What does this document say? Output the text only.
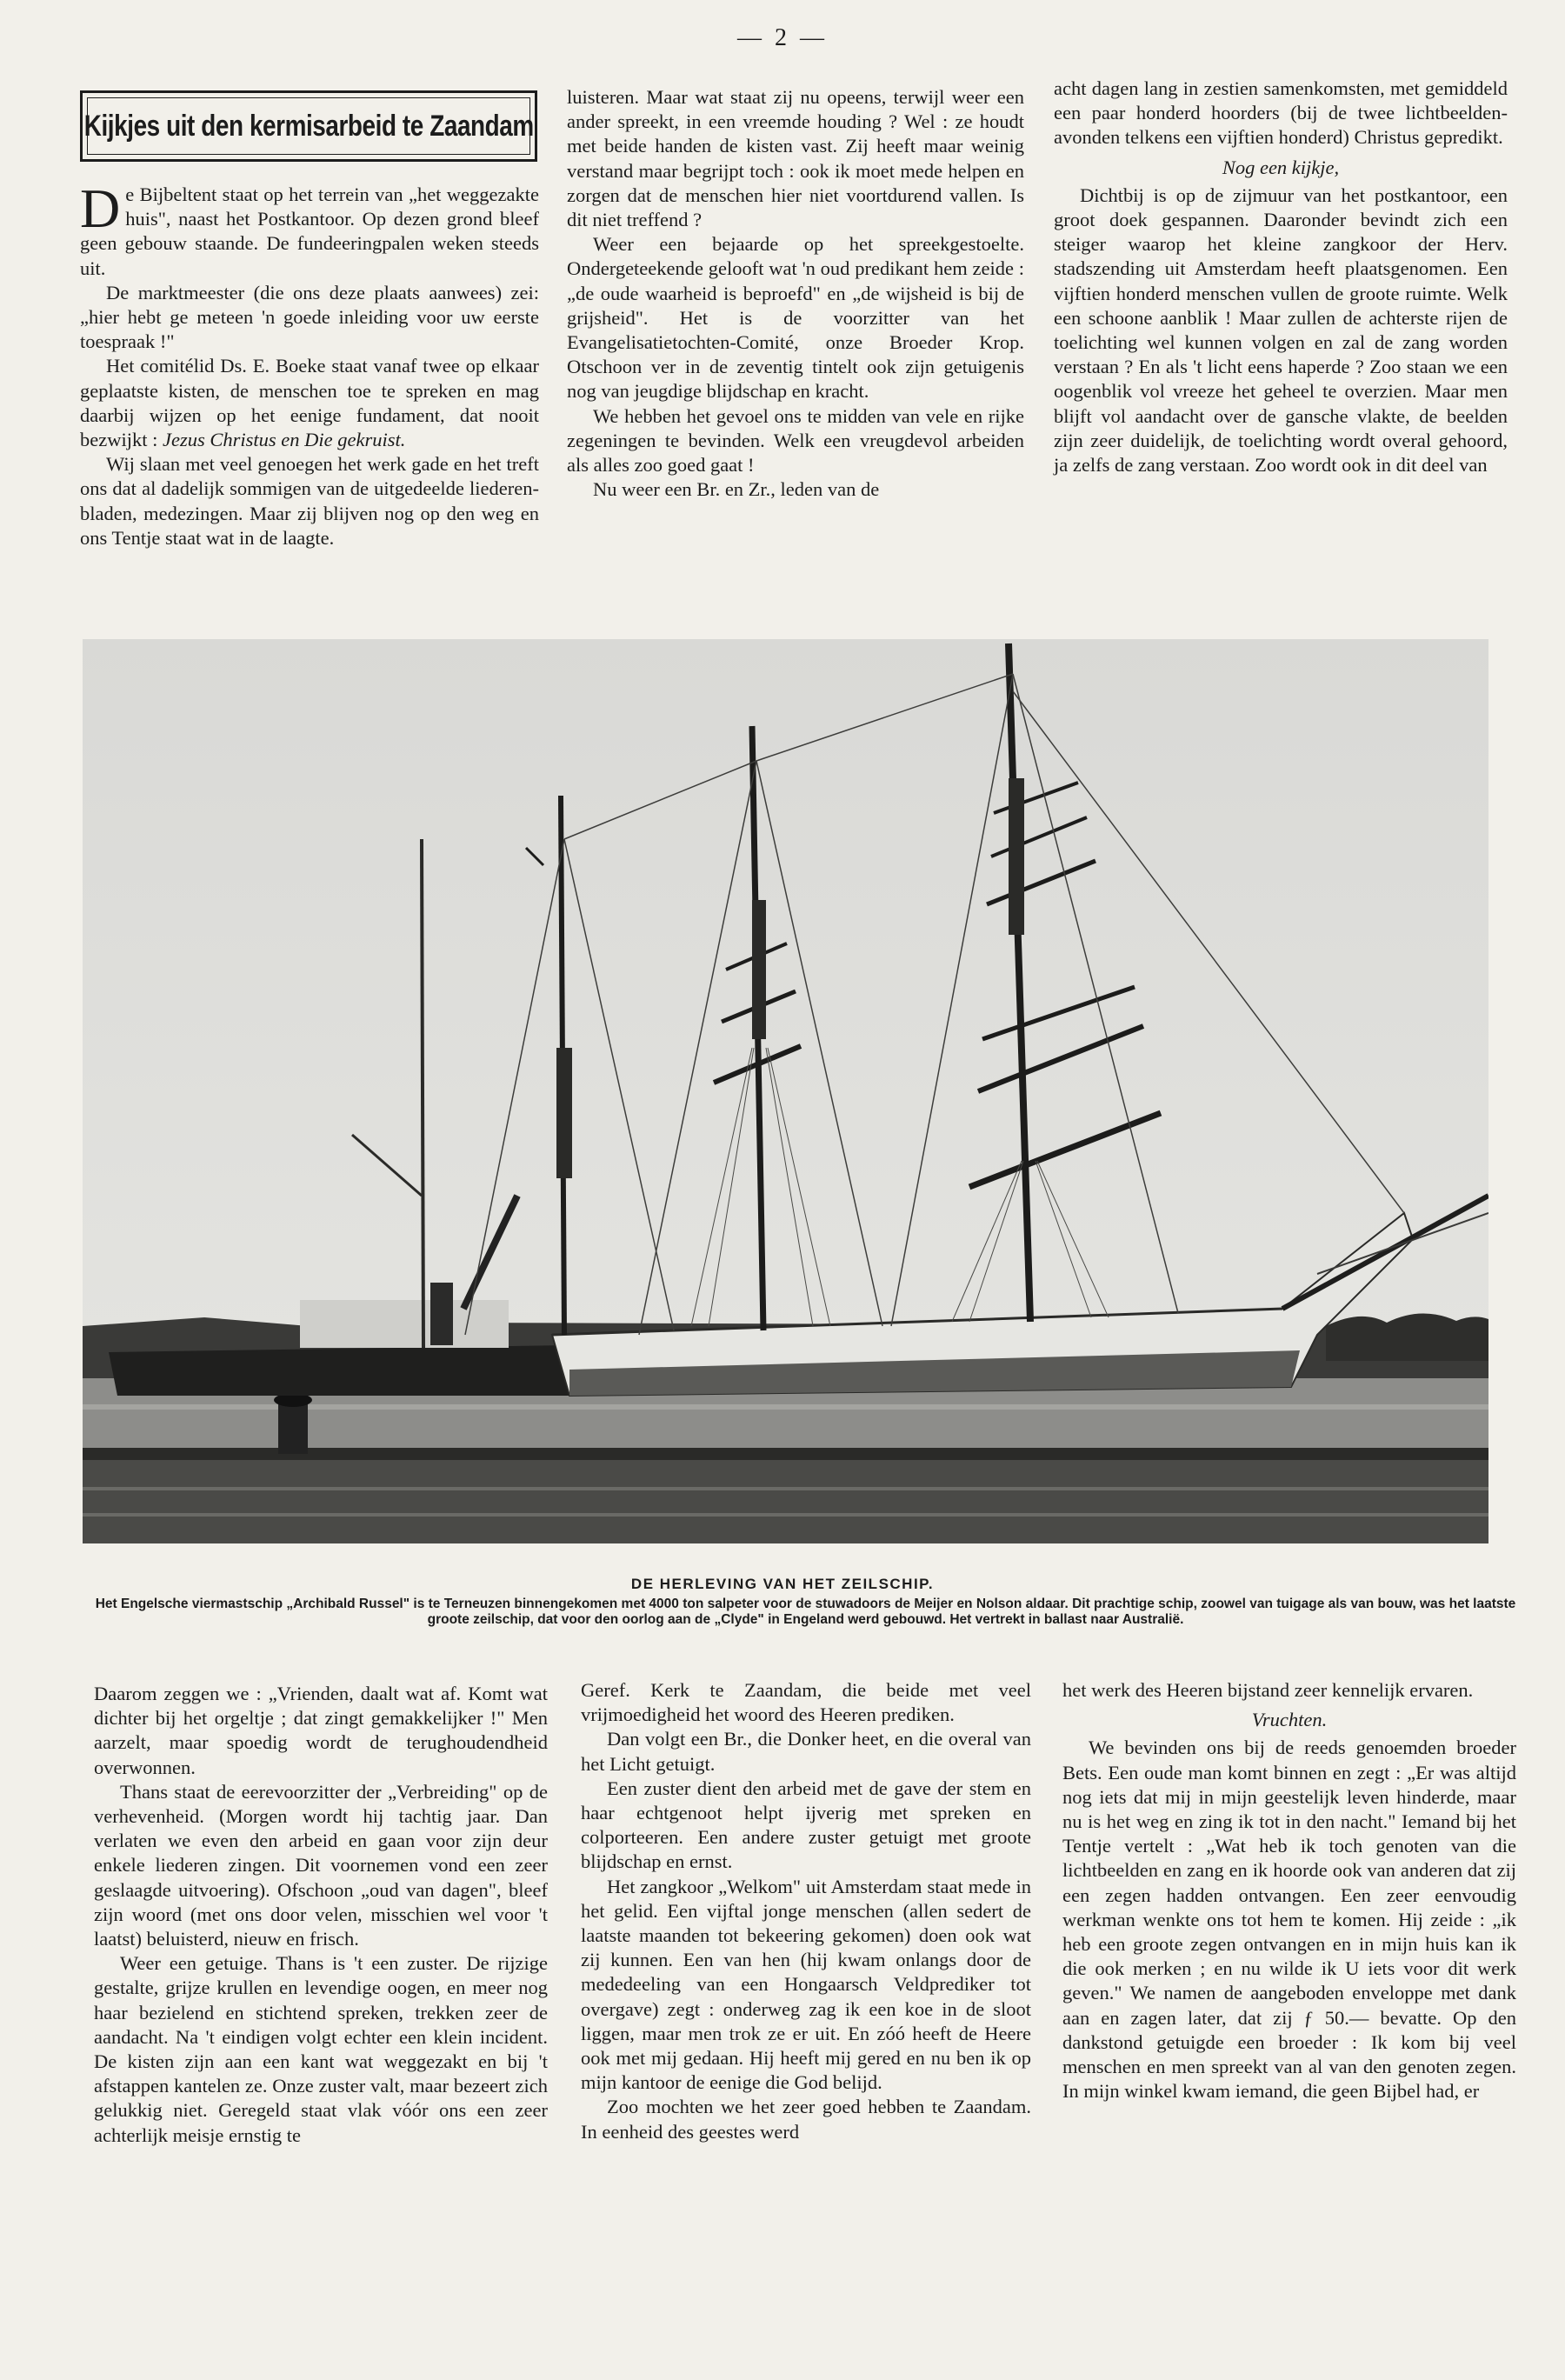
— 2 —
Kijkjes uit den kermisarbeid te Zaandam

De Bijbeltent staat op het terrein van „het weggezakte huis", naast het Postkantoor. Op dezen grond bleef geen gebouw staande. De fundeeringpalen weken steeds uit.

De marktmeester (die ons deze plaats aanwees) zei: „hier hebt ge meteen 'n goede inleiding voor uw eerste toespraak !"

Het comitélid Ds. E. Boeke staat vanaf twee op elkaar geplaatste kisten, de menschen toe te spreken en mag daarbij wijzen op het eenige fundament, dat nooit bezwijkt : Jezus Christus en Die gekruist.

Wij slaan met veel genoegen het werk gade en het treft ons dat al dadelijk sommigen van de uitgedeelde liederen-bladen, medezingen. Maar zij blijven nog op den weg en ons Tentje staat wat in de laagte.

luisteren. Maar wat staat zij nu opeens, terwijl weer een ander spreekt, in een vreemde houding ? Wel : ze houdt met beide handen de kisten vast. Zij heeft maar weinig verstand maar begrijpt toch : ook ik moet mede helpen en zorgen dat de menschen hier niet voortdurend vallen. Is dit niet treffend ?

Weer een bejaarde op het spreekgestoelte. Ondergeteekende gelooft wat 'n oud predikant hem zeide : „de oude waarheid is beproefd" en „de wijsheid is bij de grijsheid". Het is de voorzitter van het Evangelisatietochten-Comité, onze Broeder Krop. Otschoon ver in de zeventig tintelt ook zijn getuigenis nog van jeugdige blijdschap en kracht.

We hebben het gevoel ons te midden van vele en rijke zegeningen te bevinden. Welk een vreugdevol arbeiden als alles zoo goed gaat !

Nu weer een Br. en Zr., leden van de

acht dagen lang in zestien samenkomsten, met gemiddeld een paar honderd hoorders (bij de twee lichtbeelden-avonden telkens een vijftien honderd) Christus gepredikt.

Nog een kijkje,

Dichtbij is op de zijmuur van het postkantoor, een groot doek gespannen. Daaronder bevindt zich een steiger waarop het kleine zangkoor der Herv. stadszending uit Amsterdam heeft plaatsgenomen. Een vijftien honderd menschen vullen de groote ruimte. Welk een schoone aanblik ! Maar zullen de achterste rijen de toelichting wel kunnen volgen en zal de zang worden verstaan ? En als 't licht eens haperde ? Zoo staan we een oogenblik vol vreeze het geheel te overzien. Maar men blijft vol aandacht over de gansche vlakte, de beelden zijn zeer duidelijk, de toelichting wordt overal gehoord, ja zelfs de zang verstaan. Zoo wordt ook in dit deel van

DE HERLEVING VAN HET ZEILSCHIP.
Het Engelsche viermastschip „Archibald Russel" is te Terneuzen binnengekomen met 4000 ton salpeter voor de stuwadoors de Meijer en Nolson aldaar. Dit prachtige schip, zoowel van tuigage als van bouw, was het laatste groote zeilschip, dat voor den oorlog aan de „Clyde" in Engeland werd gebouwd. Het vertrekt in ballast naar Australië.

Daarom zeggen we : „Vrienden, daalt wat af. Komt wat dichter bij het orgeltje ; dat zingt gemakkelijker !" Men aarzelt, maar spoedig wordt de terughoudendheid overwonnen.

Thans staat de eerevoorzitter der „Verbreiding" op de verhevenheid. (Morgen wordt hij tachtig jaar. Dan verlaten we even den arbeid en gaan voor zijn deur enkele liederen zingen. Dit voornemen vond een zeer geslaagde uitvoering). Ofschoon „oud van dagen", bleef zijn woord (met ons door velen, misschien wel voor 't laatst) beluisterd, nieuw en frisch.

Weer een getuige. Thans is 't een zuster. De rijzige gestalte, grijze krullen en levendige oogen, en meer nog haar bezielend en stichtend spreken, trekken zeer de aandacht. Na 't eindigen volgt echter een klein incident. De kisten zijn aan een kant wat weggezakt en bij 't afstappen kantelen ze. Onze zuster valt, maar bezeert zich gelukkig niet. Geregeld staat vlak vóór ons een zeer achterlijk meisje ernstig te

Geref. Kerk te Zaandam, die beide met veel vrijmoedigheid het woord des Heeren prediken.

Dan volgt een Br., die Donker heet, en die overal van het Licht getuigt.

Een zuster dient den arbeid met de gave der stem en haar echtgenoot helpt ijverig met spreken en colporteeren. Een andere zuster getuigt met groote blijdschap en ernst.

Het zangkoor „Welkom" uit Amsterdam staat mede in het gelid. Een vijftal jonge menschen (allen sedert de laatste maanden tot bekeering gekomen) doen ook wat zij kunnen. Een van hen (hij kwam onlangs door de mededeeling van een Hongaarsch Veldprediker tot overgave) zegt : onderweg zag ik een koe in de sloot liggen, maar men trok ze er uit. En zóó heeft de Heere ook met mij gedaan. Hij heeft mij gered en nu ben ik op mijn kantoor de eenige die God belijd.

Zoo mochten we het zeer goed hebben te Zaandam. In eenheid des geestes werd

het werk des Heeren bijstand zeer kennelijk ervaren.

Vruchten.

We bevinden ons bij de reeds genoemden broeder Bets. Een oude man komt binnen en zegt : „Er was altijd nog iets dat mij in mijn geestelijk leven hinderde, maar nu is het weg en zing ik tot in den nacht." Iemand bij het Tentje vertelt : „Wat heb ik toch genoten van die lichtbeelden en zang en ik hoorde ook van anderen dat zij een zegen hadden ontvangen. Een zeer eenvoudig werkman wenkte ons tot hem te komen. Hij zeide : „ik heb een groote zegen ontvangen en in mijn huis kan ik die ook merken ; en nu wilde ik U iets voor dit werk geven." We namen de aangeboden enveloppe met dank aan en zagen later, dat zij ƒ 50.— bevatte. Op den dankstond getuigde een broeder : Ik kom bij veel menschen en men spreekt van al van den genoten zegen. In mijn winkel kwam iemand, die geen Bijbel had, er
